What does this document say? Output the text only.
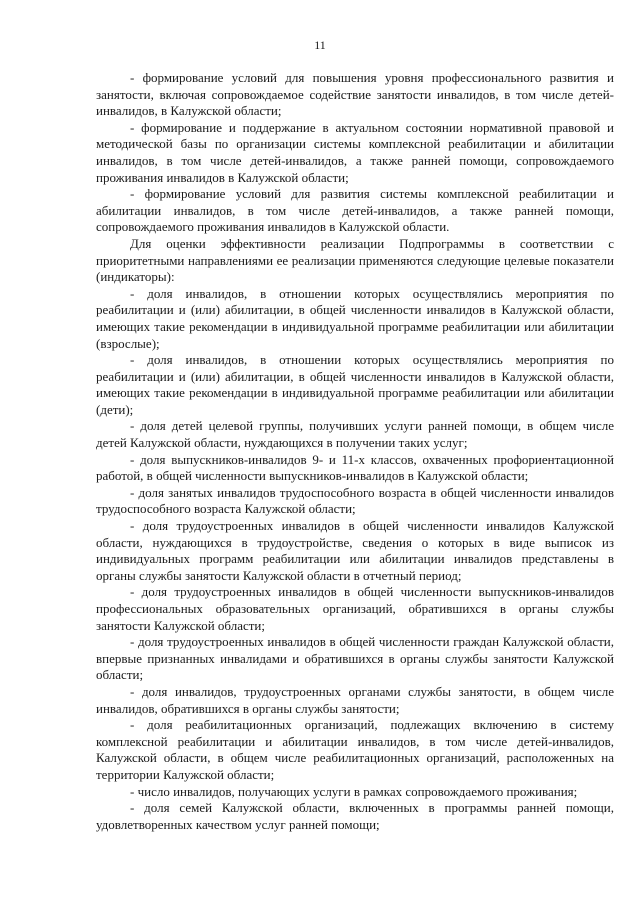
11

- формирование условий для повышения уровня профессионального развития и занятости, включая сопровождаемое содействие занятости инвалидов, в том числе детей-инвалидов, в Калужской области;

- формирование и поддержание в актуальном состоянии нормативной правовой и методической базы по организации системы комплексной реабилитации и абилитации инвалидов, в том числе детей-инвалидов, а также ранней помощи, сопровождаемого проживания инвалидов в Калужской области;

- формирование условий для развития системы комплексной реабилитации и абилитации инвалидов, в том числе детей-инвалидов, а также ранней помощи, сопровождаемого проживания инвалидов в Калужской области.

Для оценки эффективности реализации Подпрограммы в соответствии с приоритетными направлениями ее реализации применяются следующие целевые показатели (индикаторы):

- доля инвалидов, в отношении которых осуществлялись мероприятия по реабилитации и (или) абилитации, в общей численности инвалидов в Калужской области, имеющих такие рекомендации в индивидуальной программе реабилитации или абилитации (взрослые);

- доля инвалидов, в отношении которых осуществлялись мероприятия по реабилитации и (или) абилитации, в общей численности инвалидов в Калужской области, имеющих такие рекомендации в индивидуальной программе реабилитации или абилитации (дети);

- доля детей целевой группы, получивших услуги ранней помощи, в общем числе детей Калужской области, нуждающихся в получении таких услуг;

- доля выпускников-инвалидов 9- и 11-х классов, охваченных профориентационной работой, в общей численности выпускников-инвалидов в Калужской области;

- доля занятых инвалидов трудоспособного возраста в общей численности инвалидов трудоспособного возраста Калужской области;

- доля трудоустроенных инвалидов в общей численности инвалидов Калужской области, нуждающихся в трудоустройстве, сведения о которых в виде выписок из индивидуальных программ реабилитации или абилитации инвалидов представлены в органы службы занятости Калужской области в отчетный период;

- доля трудоустроенных инвалидов в общей численности выпускников-инвалидов профессиональных образовательных организаций, обратившихся в органы службы занятости Калужской области;

- доля трудоустроенных инвалидов в общей численности граждан Калужской области, впервые признанных инвалидами и обратившихся в органы службы занятости Калужской области;

- доля инвалидов, трудоустроенных органами службы занятости, в общем числе инвалидов, обратившихся в органы службы занятости;

- доля реабилитационных организаций, подлежащих включению в систему комплексной реабилитации и абилитации инвалидов, в том числе детей-инвалидов, Калужской области, в общем числе реабилитационных организаций, расположенных на территории Калужской области;

- число инвалидов, получающих услуги в рамках сопровождаемого проживания;

- доля семей Калужской области, включенных в программы ранней помощи, удовлетворенных качеством услуг ранней помощи;
